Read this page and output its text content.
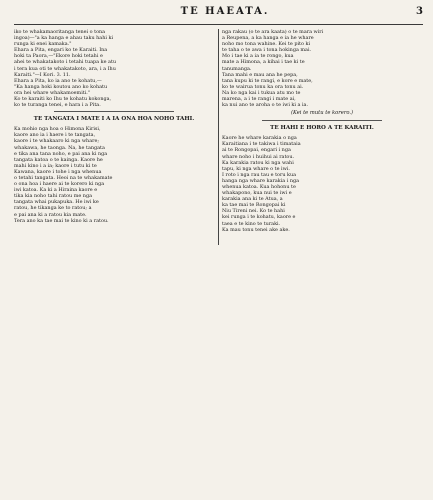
TE HAEATA.	3

iko te whakamaoritanga tenei o tona

ingoa)—"a ka hanga e ahau taku hahi ki

runga ki enei kamaka."

Ehara a Pita, engari ko te Karaiti. Ina

hoki ta Paora,—"Ekore hoki tetahi e

ahei te whakatakoto i tetahi tuapa ke atu

i tera kua oti te whakatakoto, ara, i a Ihu

Karaiti."—I Kori. 3. 11.

Ehara a Pita, ko ia ano te kohatu,—

"Ka hanga hoki koutou ano ko kohatu

ora hei whare whakamoemiti."

Ko te karaiti ko Ihu te kohatu kokonga,

ko te turanga tenei, e hara i a Pita.

TE TANGATA I MATE I A IA ONA HOA NOHO TAHI.

Ka mohio nga hoa o Himona Kirisi,

kaore ano ia i haere i te tangata,

kaore i te whakaaro ki nga whare;

whakawa, he taonga. Na, he tangata

e tika ana tana noho, e pai ana ki nga

tangata katoa o te kainga. Kaore he

mahi kino i a ia; kaore i tutu ki te

Kawana, kaore i tohe i nga whenua

o tetahi tangata. Heoi na te whakamate

o ona hoa i haere ai te korero ki nga

iwi katoa. Ka ki a Hiraina kaore e

tika kia noho tahi ratou me nga

tangata whai pukapuka. He iwi ke

ratou, he tikanga ke to ratou; a

e pai ana ki a ratou kia mate.

Tera ano ka tae mai te kino ki a ratou.

nga rakau (o te ara kaata) o te mara wiri

a Reupena, a ka hanga e ia he whare

noho mo tona wahine. Kei te pito ki

te taha o te awa i tona hokinga mai.

Mo i tae ki a ia te rongo, kua

mate a Himona, a kihai i tae ki te

tanumanga.

Tana mahi e mau ana he pepa,

tana kupu ki te rangi, e kore e mate,

ko te wairua tonu ka ora tonu ai.

Na ko nga kai i tukua atu mo te

marena, a i te rangi i mate ai,

ka nui ano te aroha o te iwi ki a ia.

(Kei te mutu te korero.)
TE HAHI E HORO A TE KARAITI.

Kaore he whare karakia o nga

Karaitiana i te takiwa i timataia

ai te Rongopai, engari i nga

whare noho i huihui ai ratou.

Ka karakia ratou ki nga wahi

tapu, ki nga whare o te iwi.

I roto i nga rau tau e toru kua

hanga nga whare karakia i nga

whenua katoa. Kua hohonu te

whakapono, kua nui te iwi e

karakia ana ki te Atua, a

ka tae mai te Rongopai ki

Niu Tireni nei. Ko te hahi

kei runga i te kohatu, kaore e

taea e te kino te turaki.

Ka mau tonu tenei ake ake.
